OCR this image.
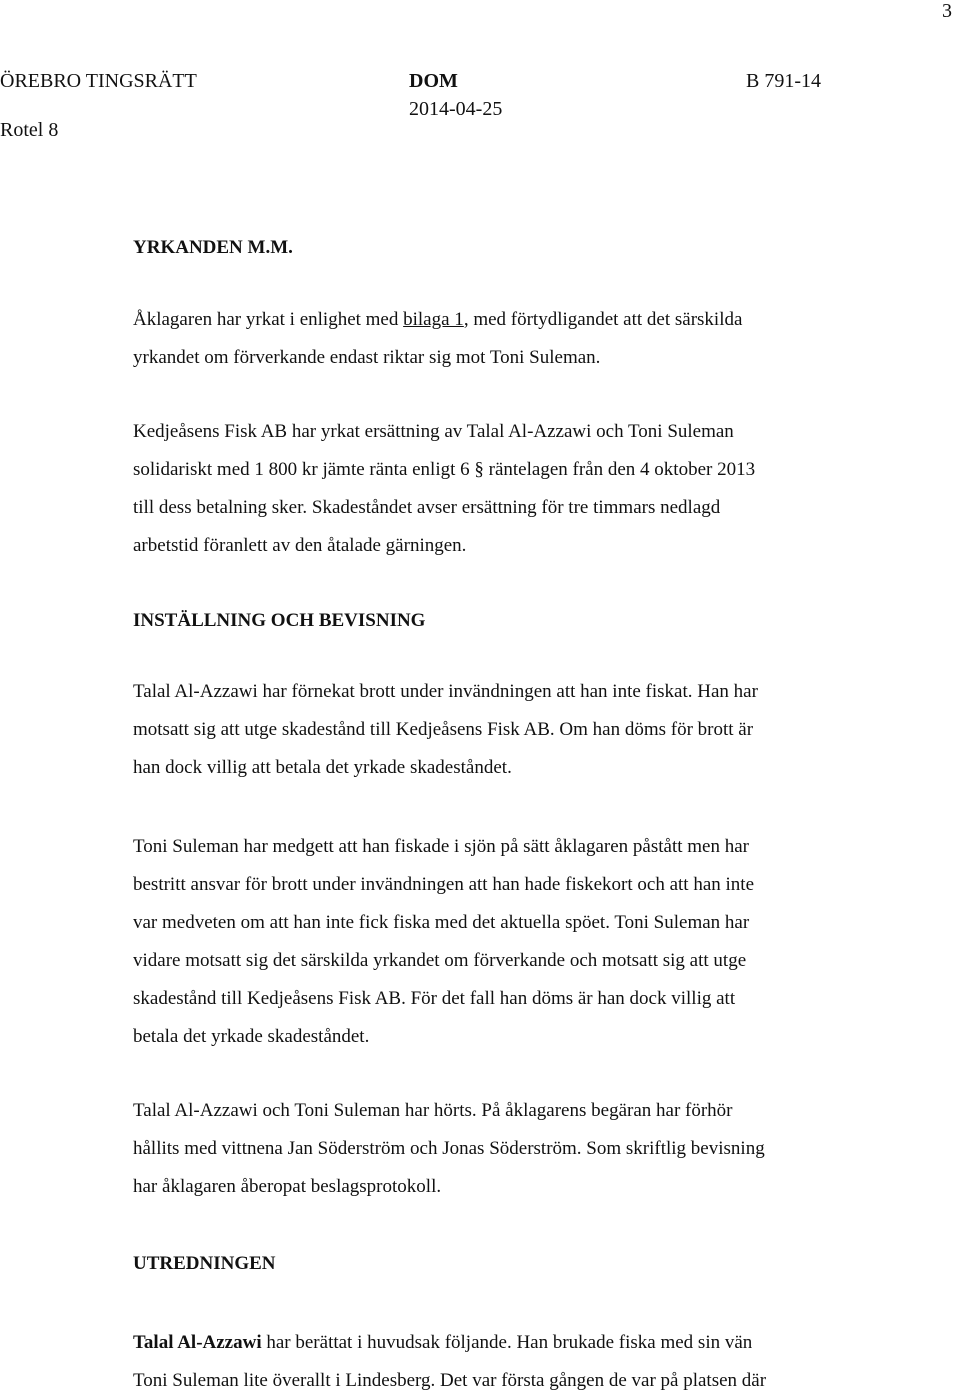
3
ÖREBRO TINGSRÄTT
Rotel 8
DOM
2014-04-25
B 791-14
YRKANDEN M.M.
Åklagaren har yrkat i enlighet med bilaga 1, med förtydligandet att det särskilda
yrkandet om förverkande endast riktar sig mot Toni Suleman.
Kedjeåsens Fisk AB har yrkat ersättning av Talal Al-Azzawi och Toni Suleman
solidariskt med 1 800 kr jämte ränta enligt 6 § räntelagen från den 4 oktober 2013
till dess betalning sker. Skadeståndet avser ersättning för tre timmars nedlagd
arbetstid föranlett av den åtalade gärningen.
INSTÄLLNING OCH BEVISNING
Talal Al-Azzawi har förnekat brott under invändningen att han inte fiskat. Han har
motsatt sig att utge skadestånd till Kedjeåsens Fisk AB. Om han döms för brott är
han dock villig att betala det yrkade skadeståndet.
Toni Suleman har medgett att han fiskade i sjön på sätt åklagaren påstått men har
bestritt ansvar för brott under invändningen att han hade fiskekort och att han inte
var medveten om att han inte fick fiska med det aktuella spöet. Toni Suleman har
vidare motsatt sig det särskilda yrkandet om förverkande och motsatt sig att utge
skadestånd till Kedjeåsens Fisk AB. För det fall han döms är han dock villig att
betala det yrkade skadeståndet.
Talal Al-Azzawi och Toni Suleman har hörts. På åklagarens begäran har förhör
hållits med vittnena Jan Söderström och Jonas Söderström. Som skriftlig bevisning
har åklagaren åberopat beslagsprotokoll.
UTREDNINGEN
Talal Al-Azzawi har berättat i huvudsak följande. Han brukade fiska med sin vän
Toni Suleman lite överallt i Lindesberg. Det var första gången de var på platsen där
